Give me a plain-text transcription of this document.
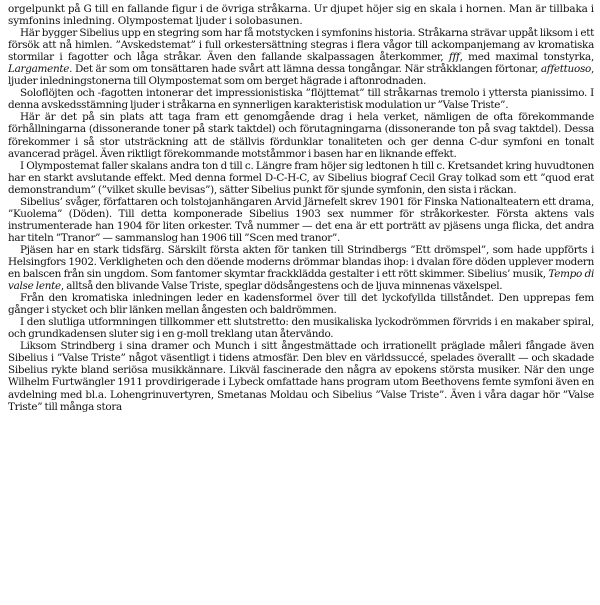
orgelpunkt på G till en fallande figur i de övriga stråkarna. Ur djupet höjer sig en skala i hornen. Man är tillbaka i symfonins inledning. Olympostemat ljuder i solobasunen.

Här bygger Sibelius upp en stegring som har få motstycken i symfonins historia. Stråkarna strävar uppåt liksom i ett försök att nå himlen. ”Avskedstemat” i full orkestersättning stegras i flera vågor till ackompanjemang av kromatiska stormilar i fagotter och låga stråkar. Även den fallande skalpassagen återkommer, fff, med maximal tonstyrka, Largamente. Det är som om tonsättaren hade svårt att lämna dessa tongångar. När stråkklangen förtonar, affettuoso, ljuder inledningstonerna till Olympostemat som om berget hägrade i aftonrodnaden.

Soloflöjten och -fagotten intonerar det impressionistiska ”flöjttemat” till stråkarnas tremolo i yttersta pianissimo. I denna avskedsstämning ljuder i stråkarna en synnerligen karakteristisk modulation ur ”Valse Triste”.

Här är det på sin plats att taga fram ett genomgående drag i hela verket, nämligen de ofta förekommande förhållningarna (dissonerande toner på stark taktdel) och förutagningarna (dissonerande ton på svag taktdel). Dessa förekommer i så stor utsträckning att de ställvis fördunklar tonaliteten och ger denna C-dur symfoni en tonalt avancerad prägel. Även riktligt förekommande motståmmor i basen har en liknande effekt.

I Olympostemat faller skalans andra ton d till c. Längre fram höjer sig ledtonen h till c. Kretsandet kring huvudtonen har en starkt avslutande effekt. Med denna formel D-C-H-C, av Sibelius biograf Cecil Gray tolkad som ett ”quod erat demonstrandum” (”vilket skulle bevisas”), sätter Sibelius punkt för sjunde symfonin, den sista i räckan.

Sibelius’ svåger, författaren och tolstojanhängaren Arvid Järnefelt skrev 1901 för Finska Nationalteatern ett drama, ”Kuolema” (Döden). Till detta komponerade Sibelius 1903 sex nummer för stråkorkester. Första aktens vals instrumenterade han 1904 för liten orkester. Två nummer — det ena är ett porträtt av pjäsens unga flicka, det andra har titeln ”Tranor” — sammanslog han 1906 till ”Scen med tranor”.

Pjäsen har en stark tidsfärg. Särskilt första akten för tanken till Strindbergs ”Ett drömspel”, som hade uppförts i Helsingfors 1902. Verkligheten och den döende moderns drömmar blandas ihop: i dvalan före döden upplever modern en balscen från sin ungdom. Som fantomer skymtar frackklädda gestalter i ett rött skimmer. Sibelius’ musik, Tempo di valse lente, alltså den blivande Valse Triste, speglar dödsångestens och de ljuva minnenas växelspel.

Från den kromatiska inledningen leder en kadensformel över till det lyckofyllda tillståndet. Den upprepas fem gånger i stycket och blir länken mellan ångesten och baldrömmen.

I den slutliga utformningen tillkommer ett slutstretto: den musikaliska lyckodrömmen förvrids i en makaber spiral, och grundkadensen sluter sig i en g-moll treklang utan återvändo.

Liksom Strindberg i sina dramer och Munch i sitt ångestmättade och irrationellt präglade måleri fångade även Sibelius i ”Valse Triste” något väsentligt i tidens atmosfär. Den blev en världssuccé, spelades överallt — och skadade Sibelius rykte bland seriösa musikkännare. Likväl fascinerade den några av epokens största musiker. När den unge Wilhelm Furtwängler 1911 provdirigerade i Lybeck omfattade hans program utom Beethovens femte symfoni även en avdelning med bl.a. Lohengrinuvertyren, Smetanas Moldau och Sibelius ”Valse Triste”. Även i våra dagar hör ”Valse Triste” till många stora
